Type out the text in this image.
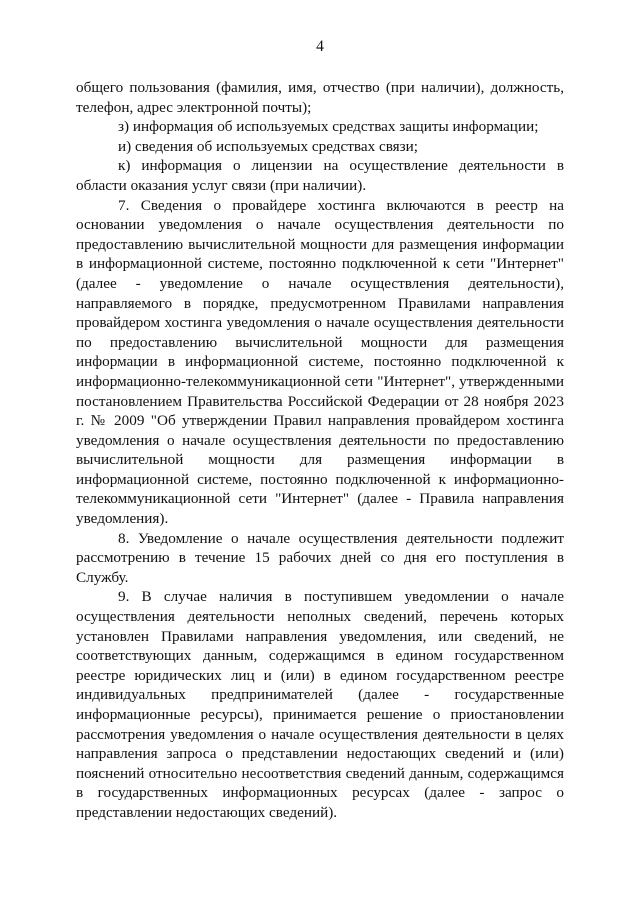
4

общего пользования (фамилия, имя, отчество (при наличии), должность, телефон, адрес электронной почты);

з) информация об используемых средствах защиты информации;

и) сведения об используемых средствах связи;

к) информация о лицензии на осуществление деятельности в области оказания услуг связи (при наличии).

7. Сведения о провайдере хостинга включаются в реестр на основании уведомления о начале осуществления деятельности по предоставлению вычислительной мощности для размещения информации в информационной системе, постоянно подключенной к сети "Интернет" (далее - уведомление о начале осуществления деятельности), направляемого в порядке, предусмотренном Правилами направления провайдером хостинга уведомления о начале осуществления деятельности по предоставлению вычислительной мощности для размещения информации в информационной системе, постоянно подключенной к информационно-телекоммуникационной сети "Интернет", утвержденными постановлением Правительства Российской Федерации от 28 ноября 2023 г. № 2009 "Об утверждении Правил направления провайдером хостинга уведомления о начале осуществления деятельности по предоставлению вычислительной мощности для размещения информации в информационной системе, постоянно подключенной к информационно-телекоммуникационной сети "Интернет" (далее - Правила направления уведомления).

8. Уведомление о начале осуществления деятельности подлежит рассмотрению в течение 15 рабочих дней со дня его поступления в Службу.

9. В случае наличия в поступившем уведомлении о начале осуществления деятельности неполных сведений, перечень которых установлен Правилами направления уведомления, или сведений, не соответствующих данным, содержащимся в едином государственном реестре юридических лиц и (или) в едином государственном реестре индивидуальных предпринимателей (далее - государственные информационные ресурсы), принимается решение о приостановлении рассмотрения уведомления о начале осуществления деятельности в целях направления запроса о представлении недостающих сведений и (или) пояснений относительно несоответствия сведений данным, содержащимся в государственных информационных ресурсах (далее - запрос о представлении недостающих сведений).
